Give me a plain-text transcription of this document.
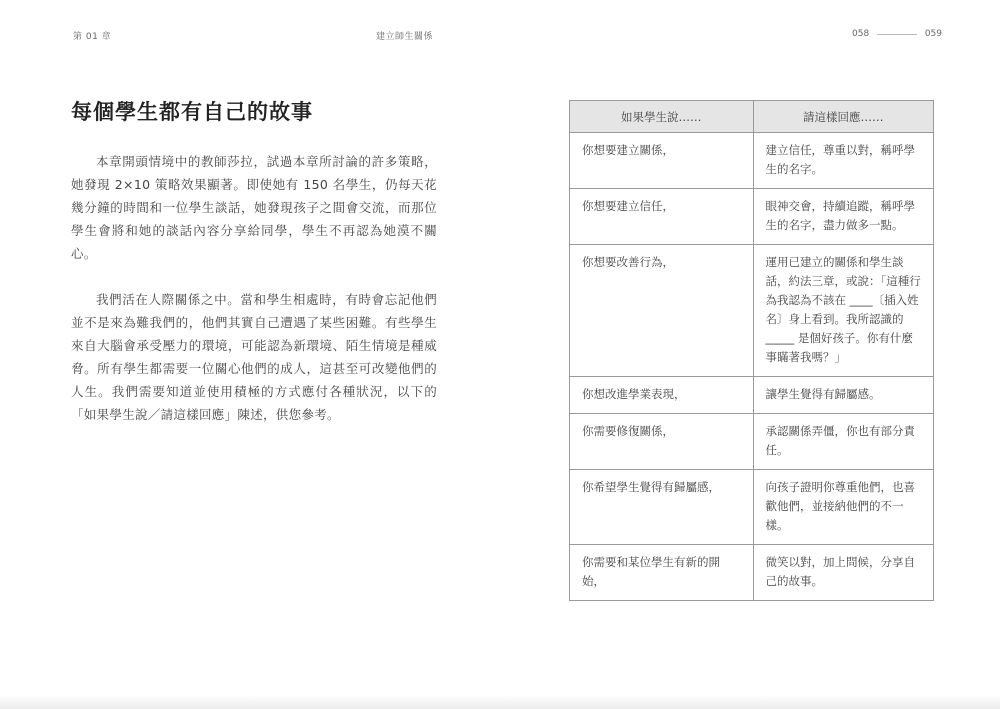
第 01 章	建立師生關係
每個學生都有自己的故事

本章開頭情境中的教師莎拉，試過本章所討論的許多策略，她發現 2×10 策略效果顯著。即使她有 150 名學生，仍每天花幾分鐘的時間和一位學生談話，她發現孩子之間會交流，而那位學生會將和她的談話內容分享給同學，學生不再認為她漠不關心。

我們活在人際關係之中。當和學生相處時，有時會忘記他們並不是來為難我們的，他們其實自己遭遇了某些困難。有些學生來自大腦會承受壓力的環境，可能認為新環境、陌生情境是種威脅。所有學生都需要一位關心他們的成人，這甚至可改變他們的人生。我們需要知道並使用積極的方式應付各種狀況，以下的「如果學生說／請這樣回應」陳述，供您參考。

058	059
如果學生說……	請這樣回應……
你想要建立關係，	建立信任，尊重以對，稱呼學生的名字。
你想要建立信任，	眼神交會，持續追蹤，稱呼學生的名字，盡力做多一點。
你想要改善行為，	運用已建立的關係和學生談話，約法三章，或說：「這種行為我認為不該在 ____〔插入姓名〕身上看到。我所認識的 _____ 是個好孩子。你有什麼事瞞著我嗎？」
你想改進學業表現，	讓學生覺得有歸屬感。
你需要修復關係，	承認關係弄僵，你也有部分責任。
你希望學生覺得有歸屬感，	向孩子證明你尊重他們，也喜歡他們，並接納他們的不一樣。
你需要和某位學生有新的開始，	微笑以對，加上問候，分享自己的故事。
